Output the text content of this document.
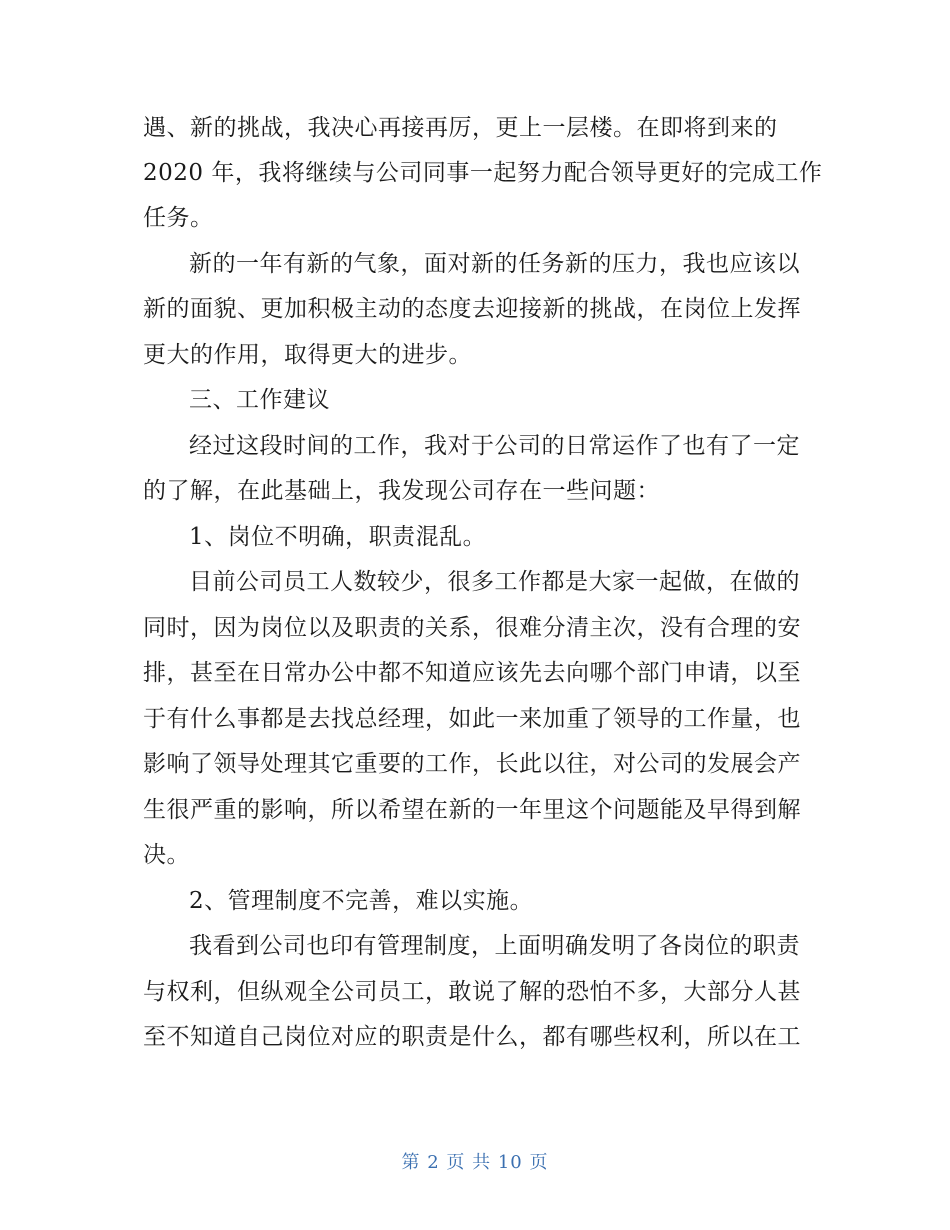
遇、新的挑战，我决心再接再厉，更上一层楼。在即将到来的
2020 年，我将继续与公司同事一起努力配合领导更好的完成工作
任务。
新的一年有新的气象，面对新的任务新的压力，我也应该以
新的面貌、更加积极主动的态度去迎接新的挑战，在岗位上发挥
更大的作用，取得更大的进步。
三、工作建议
经过这段时间的工作，我对于公司的日常运作了也有了一定
的了解，在此基础上，我发现公司存在一些问题：
1、岗位不明确，职责混乱。
目前公司员工人数较少，很多工作都是大家一起做，在做的
同时，因为岗位以及职责的关系，很难分清主次，没有合理的安
排，甚至在日常办公中都不知道应该先去向哪个部门申请，以至
于有什么事都是去找总经理，如此一来加重了领导的工作量，也
影响了领导处理其它重要的工作，长此以往，对公司的发展会产
生很严重的影响，所以希望在新的一年里这个问题能及早得到解
决。
2、管理制度不完善，难以实施。
我看到公司也印有管理制度，上面明确发明了各岗位的职责
与权利，但纵观全公司员工，敢说了解的恐怕不多，大部分人甚
至不知道自己岗位对应的职责是什么，都有哪些权利，所以在工
第 2 页 共 10 页
